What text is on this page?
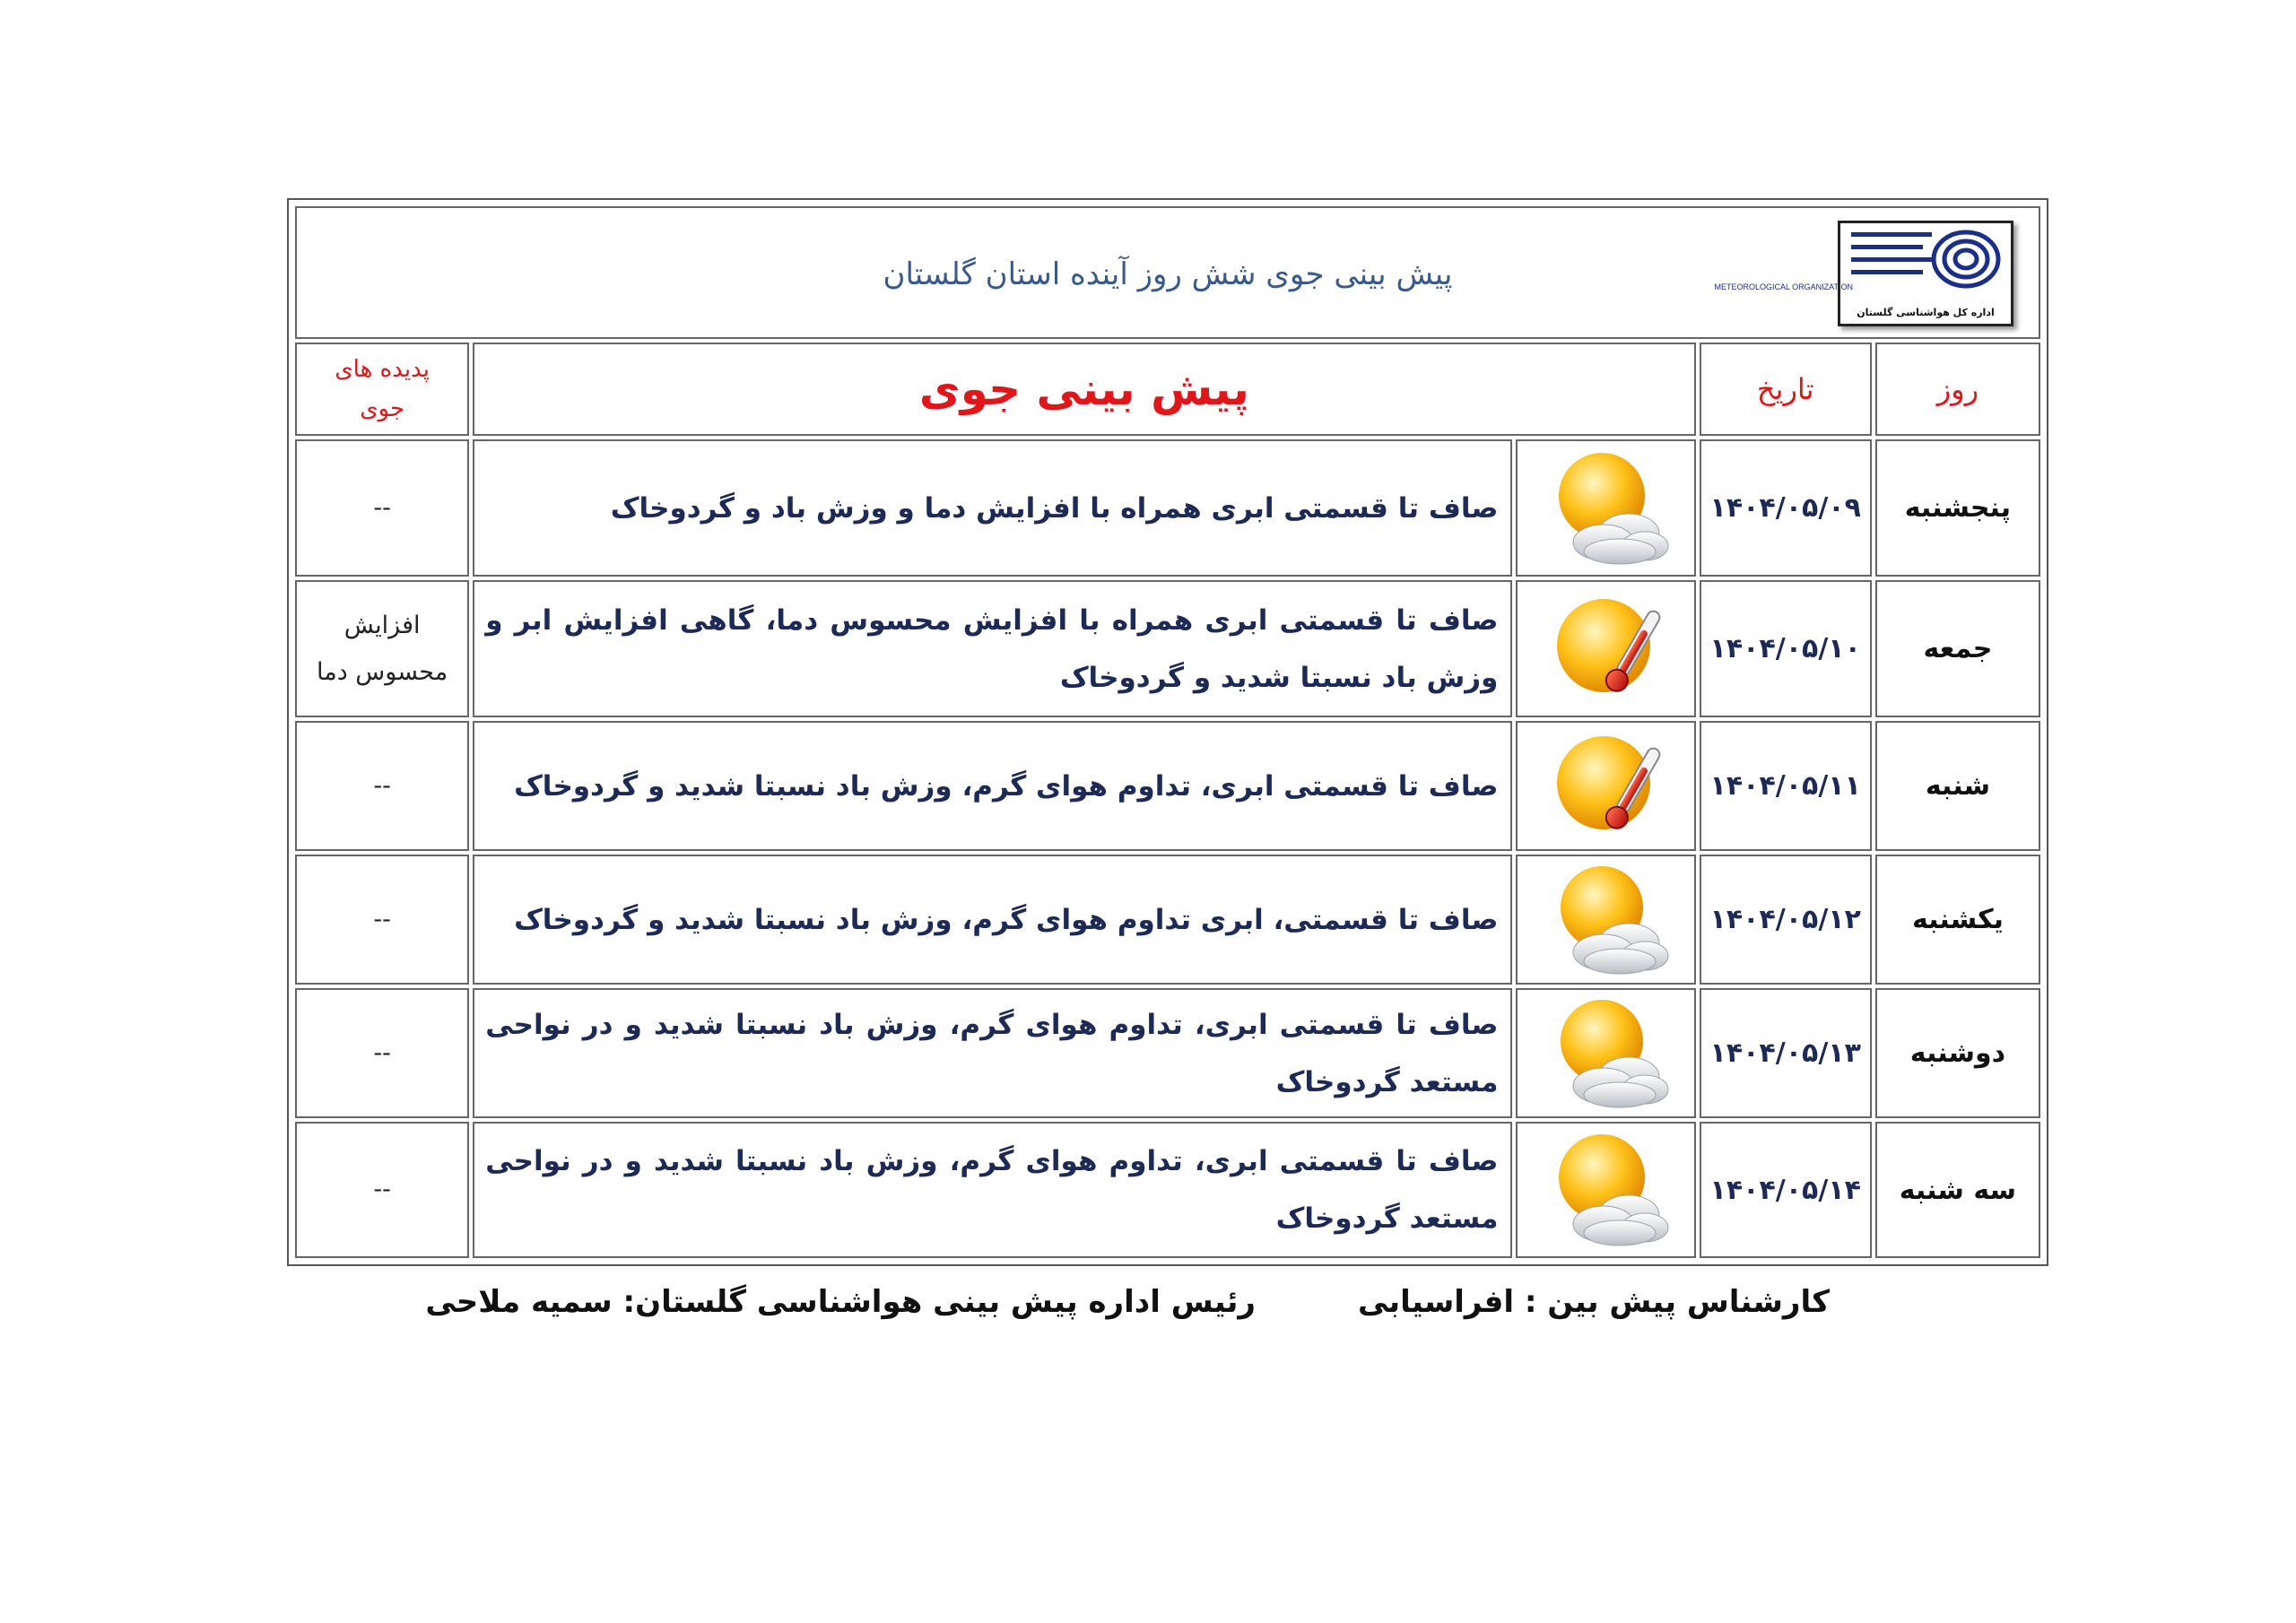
METEOROLOGICAL ORGANIZATION
اداره کل هواشناسی گلستان
پیش بینی جوی شش روز آینده استان گلستان				

روز	تاریخ	پیش بینی جوی		پدیده های
جوی

پنجشنبه	۱۴۰۴/۰۵/۰۹		صاف تا قسمتی ابری همراه با افزایش دما و وزش باد و گردوخاک	--

جمعه	۱۴۰۴/۰۵/۱۰		صاف تا قسمتی ابری همراه با افزایش محسوس دما، گاهی افزایش ابر و وزش باد نسبتا شدید و گردوخاک	افزایش
محسوس دما

شنبه	۱۴۰۴/۰۵/۱۱		صاف تا قسمتی ابری، تداوم هوای گرم، وزش باد نسبتا شدید و گردوخاک	--

یکشنبه	۱۴۰۴/۰۵/۱۲		صاف تا قسمتی، ابری تداوم هوای گرم، وزش باد نسبتا شدید و گردوخاک	--

دوشنبه	۱۴۰۴/۰۵/۱۳		صاف تا قسمتی ابری، تداوم هوای گرم، وزش باد نسبتا شدید و در نواحی مستعد گردوخاک	--

سه شنبه	۱۴۰۴/۰۵/۱۴		صاف تا قسمتی ابری، تداوم هوای گرم، وزش باد نسبتا شدید و در نواحی مستعد گردوخاک	--
کارشناس پیش بین : افراسیابی
رئیس اداره پیش بینی هواشناسی گلستان: سمیه ملاحی
